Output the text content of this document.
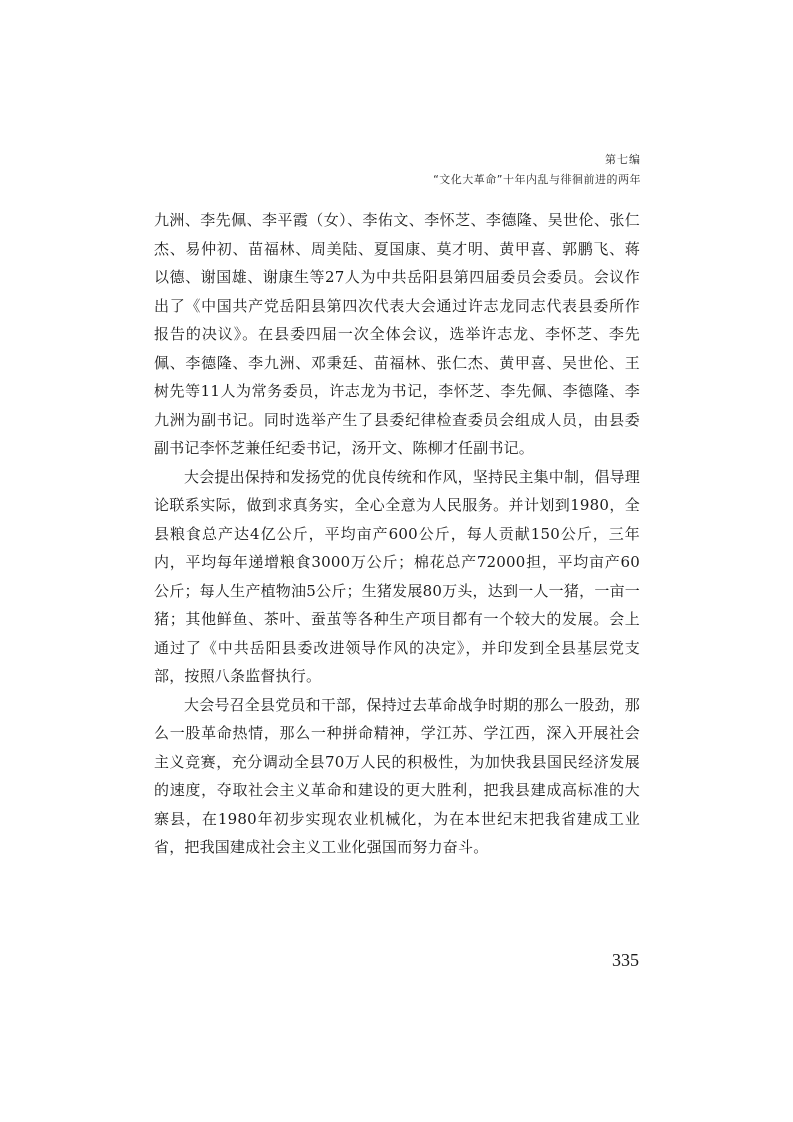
第七编
“文化大革命”十年内乱与徘徊前进的两年

九洲、李先佩、李平霞（女）、李佑文、李怀芝、李德隆、吴世伦、张仁杰、易仲初、苗福林、周美陆、夏国康、莫才明、黄甲喜、郭鹏飞、蒋以德、谢国雄、谢康生等27人为中共岳阳县第四届委员会委员。会议作出了《中国共产党岳阳县第四次代表大会通过许志龙同志代表县委所作报告的决议》。在县委四届一次全体会议，选举许志龙、李怀芝、李先佩、李德隆、李九洲、邓秉廷、苗福林、张仁杰、黄甲喜、吴世伦、王树先等11人为常务委员，许志龙为书记，李怀芝、李先佩、李德隆、李九洲为副书记。同时选举产生了县委纪律检查委员会组成人员，由县委副书记李怀芝兼任纪委书记，汤开文、陈柳才任副书记。

大会提出保持和发扬党的优良传统和作风，坚持民主集中制，倡导理论联系实际，做到求真务实，全心全意为人民服务。并计划到1980，全县粮食总产达4亿公斤，平均亩产600公斤，每人贡献150公斤，三年内，平均每年递增粮食3000万公斤；棉花总产72000担，平均亩产60公斤；每人生产植物油5公斤；生猪发展80万头，达到一人一猪，一亩一猪；其他鲜鱼、茶叶、蚕茧等各种生产项目都有一个较大的发展。会上通过了《中共岳阳县委改进领导作风的决定》，并印发到全县基层党支部，按照八条监督执行。

大会号召全县党员和干部，保持过去革命战争时期的那么一股劲，那么一股革命热情，那么一种拼命精神，学江苏、学江西，深入开展社会主义竞赛，充分调动全县70万人民的积极性，为加快我县国民经济发展的速度，夺取社会主义革命和建设的更大胜利，把我县建成高标准的大寨县，在1980年初步实现农业机械化，为在本世纪末把我省建成工业省，把我国建成社会主义工业化强国而努力奋斗。

335
